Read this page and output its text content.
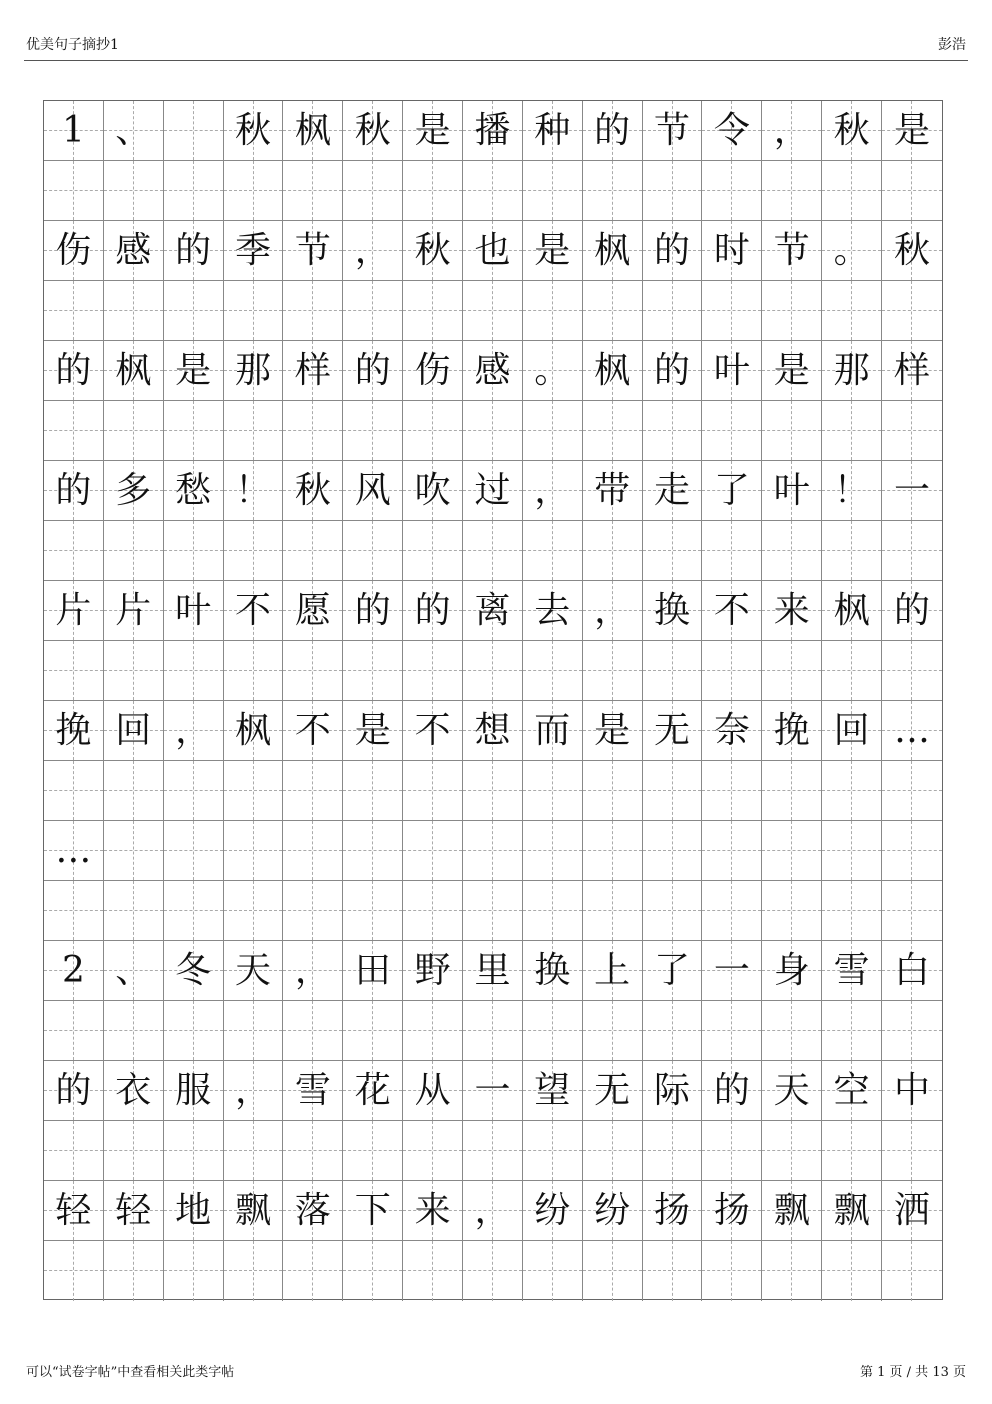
优美句子摘抄1	彭浩
1 、 秋 枫 秋 是 播 种 的 节 令 ， 秋 是
伤 感 的 季 节 ， 秋 也 是 枫 的 时 节 。 秋
的 枫 是 那 样 的 伤 感 。 枫 的 叶 是 那 样
的 多 愁 ！ 秋 风 吹 过 ， 带 走 了 叶 ！ 一
片 片 叶 不 愿 的 的 离 去 ， 换 不 来 枫 的
挽 回 ， 枫 不 是 不 想 而 是 无 奈 挽 回 …
…
2 、 冬 天 ， 田 野 里 换 上 了 一 身 雪 白
的 衣 服 ， 雪 花 从 一 望 无 际 的 天 空 中
轻 轻 地 飘 落 下 来 ， 纷 纷 扬 扬 飘 飘 洒
可以“试卷字帖”中查看相关此类字帖	第 1 页 / 共 13 页
